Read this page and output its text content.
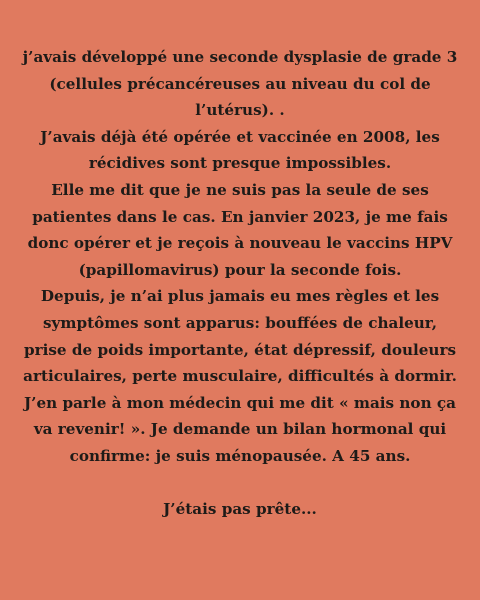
j’avais développé une seconde dysplasie de grade 3
(cellules précancéreuses au niveau du col de
l’utérus). .
J’avais déjà été opérée et vaccinée en 2008, les
récidives sont presque impossibles.
Elle me dit que je ne suis pas la seule de ses
patientes dans le cas. En janvier 2023, je me fais
donc opérer et je reçois à nouveau le vaccins HPV
(papillomavirus) pour la seconde fois.
Depuis, je n’ai plus jamais eu mes règles et les
symptômes sont apparus: bouffées de chaleur,
prise de poids importante, état dépressif, douleurs
articulaires, perte musculaire, difficultés à dormir.
J’en parle à mon médecin qui me dit « mais non ça
va revenir! ». Je demande un bilan hormonal qui
confirme: je suis ménopausée. A 45 ans.
J’étais pas prête...
